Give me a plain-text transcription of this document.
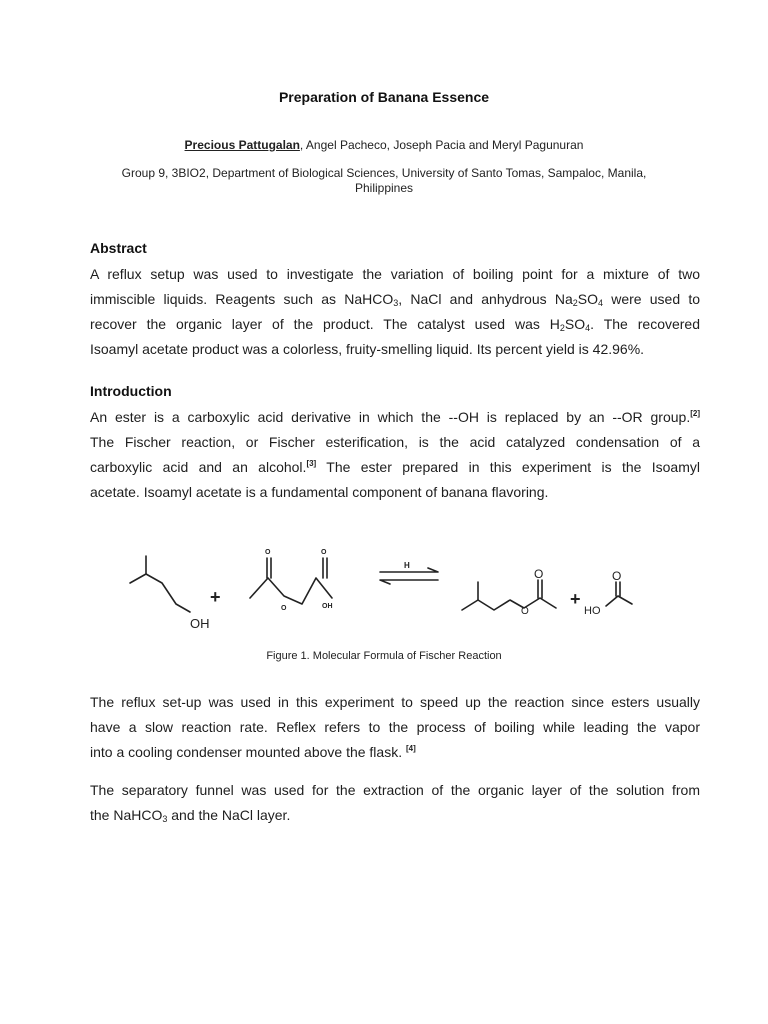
Preparation of Banana Essence
Precious Pattugalan, Angel Pacheco, Joseph Pacia and Meryl Pagunuran
Group 9, 3BIO2, Department of Biological Sciences, University of Santo Tomas, Sampaloc, Manila,
Philippines
Abstract
A reflux setup was used to investigate the variation of boiling point for a mixture of two
immiscible liquids. Reagents such as NaHCO$_3$, NaCl and anhydrous $Na_2SO_4$ were used to
recover the organic layer of the product. The catalyst used was $H_2SO_4$. The recovered
Isoamyl acetate product was a colorless, fruity-smelling liquid. Its percent yield is 42.96%.
Introduction
An ester is a carboxylic acid derivative in which the --OH is replaced by an --OR group.[2]
The Fischer reaction, or Fischer esterification, is the acid catalyzed condensation of a
carboxylic acid and an alcohol.[3] The ester prepared in this experiment is the Isoamyl
acetate. Isoamyl acetate is a fundamental component of banana flavoring.
+
OH
O	O
O	OH
H
O
O
+
O
HO
Figure 1. Molecular Formula of Fischer Reaction
The reflux set-up was used in this experiment to speed up the reaction since esters usually
have a slow reaction rate. Reflex refers to the process of boiling while leading the vapor
into a cooling condenser mounted above the flask. [4]
The separatory funnel was used for the extraction of the organic layer of the solution from
the NaHCO$_3$ and the NaCl layer.
